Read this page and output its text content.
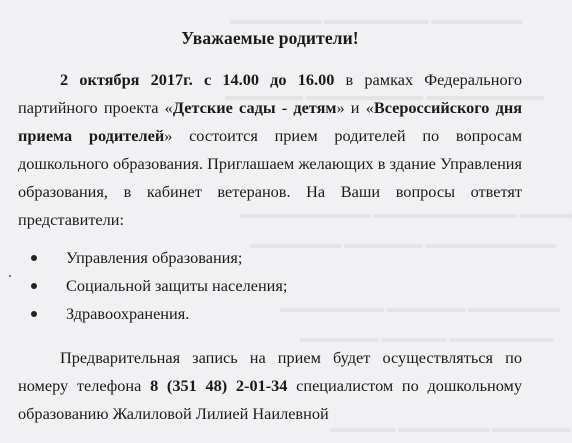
▬▬▬▬▬▬▬ ▬▬▬▬▬▬▬▬ ▬▬▬▬▬▬▬
▬▬▬▬▬▬ ▬▬▬▬▬▬▬▬▬ ▬▬▬▬▬▬▬▬▬
▬▬▬▬▬▬▬▬▬▬ ▬▬▬▬▬▬▬▬▬▬▬ ▬▬▬▬
▬▬▬▬▬▬▬ ▬▬▬▬▬▬ ▬▬▬▬▬▬▬▬▬▬
▬▬▬▬▬▬▬▬ ▬▬▬▬▬▬ ▬▬▬▬▬▬▬
▬▬▬▬▬▬ ▬▬▬▬▬ ▬▬▬▬▬▬▬▬
▬▬▬▬▬ ▬▬▬▬▬▬▬ ▬▬▬▬▬▬
Уважаемые родители!

2 октября 2017г. с 14.00 до 16.00 в рамках Федерального партийного проекта «Детские сады - детям» и «Всероссийского дня приема родителей» состоится прием родителей по вопросам дошкольного образования. Приглашаем желающих в здание Управления образования, в кабинет ветеранов. На Ваши вопросы ответят представители:

Управления образования;
Социальной защиты населения;
Здравоохранения.

Предварительная запись на прием будет осуществляться по номеру телефона 8 (351 48) 2-01-34 специалистом по дошкольному образованию Жалиловой Лилией Наилевной
